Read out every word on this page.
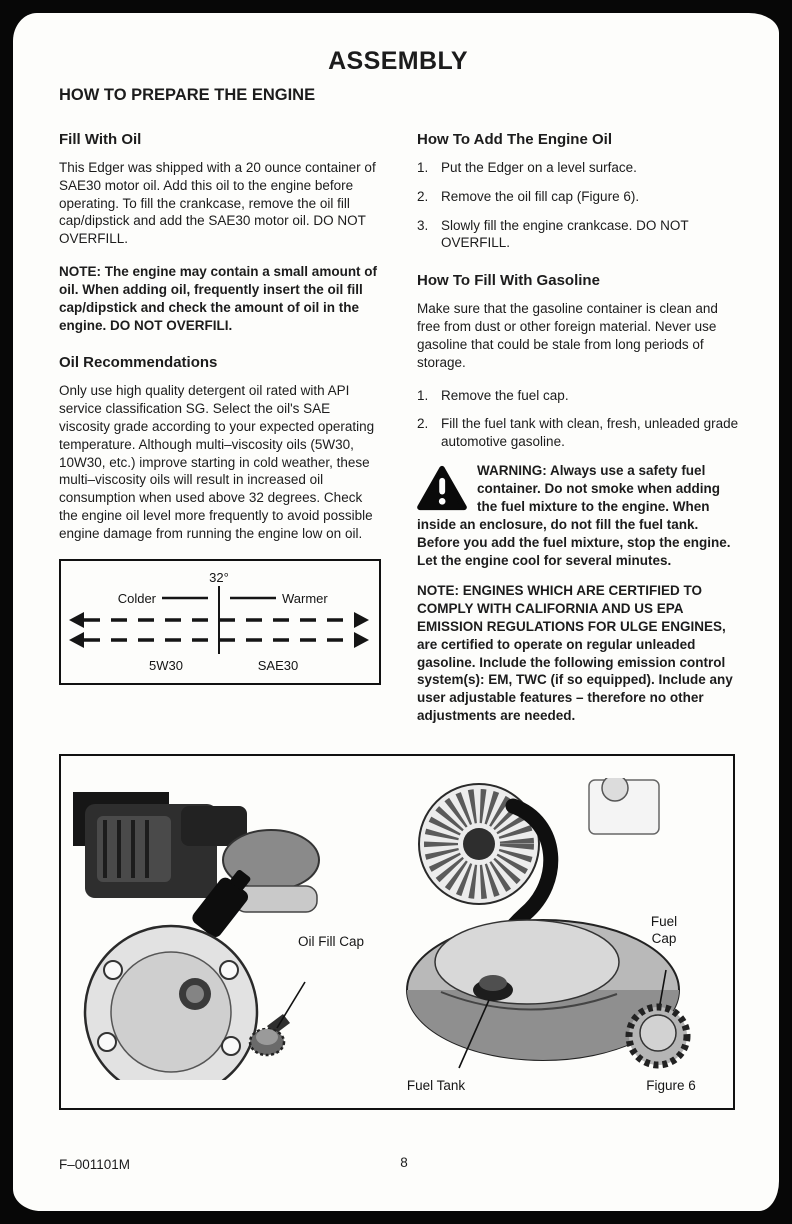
ASSEMBLY
HOW TO PREPARE THE ENGINE
Fill With Oil

This Edger was shipped with a 20 ounce container of SAE30 motor oil. Add this oil to the engine before operating. To fill the crankcase, remove the oil fill cap/dipstick and add the SAE30 motor oil. DO NOT OVERFILL.

NOTE: The engine may contain a small amount of oil. When adding oil, frequently insert the oil fill cap/dipstick and check the amount of oil in the engine. DO NOT OVERFILI.

Oil Recommendations

Only use high quality detergent oil rated with API service classification SG. Select the oil's SAE viscosity grade according to your expected operating temperature. Although multi–viscosity oils (5W30, 10W30, etc.) improve starting in cold weather, these multi–viscosity oils will result in increased oil consumption when used above 32 degrees. Check the engine oil level more frequently to avoid possible engine damage from running the engine low on oil.

32°
Colder	Warmer
5W30	SAE30
How To Add The Engine Oil
1. Put the Edger on a level surface.
2. Remove the oil fill cap (Figure 6).
3. Slowly fill the engine crankcase. DO NOT OVERFILL.
How To Fill With Gasoline

Make sure that the gasoline container is clean and free from dust or other foreign material. Never use gasoline that could be stale from long periods of storage.

1. Remove the fuel cap.
2. Fill the fuel tank with clean, fresh, unleaded grade automotive gasoline.
WARNING: Always use a safety fuel container. Do not smoke when adding the fuel mixture to the engine. When inside an enclosure, do not fill the fuel tank. Before you add the fuel mixture, stop the engine. Let the engine cool for several minutes.

NOTE: ENGINES WHICH ARE CERTIFIED TO COMPLY WITH CALIFORNIA AND US EPA EMISSION REGULATIONS FOR ULGE ENGINES, are certified to operate on regular unleaded gasoline. Include the following emission control system(s): EM, TWC (if so equipped). Include any user adjustable features – therefore no other adjustments are needed.

Oil Fill Cap
Fuel Cap
Fuel Tank	Figure 6
F–001101M	8
